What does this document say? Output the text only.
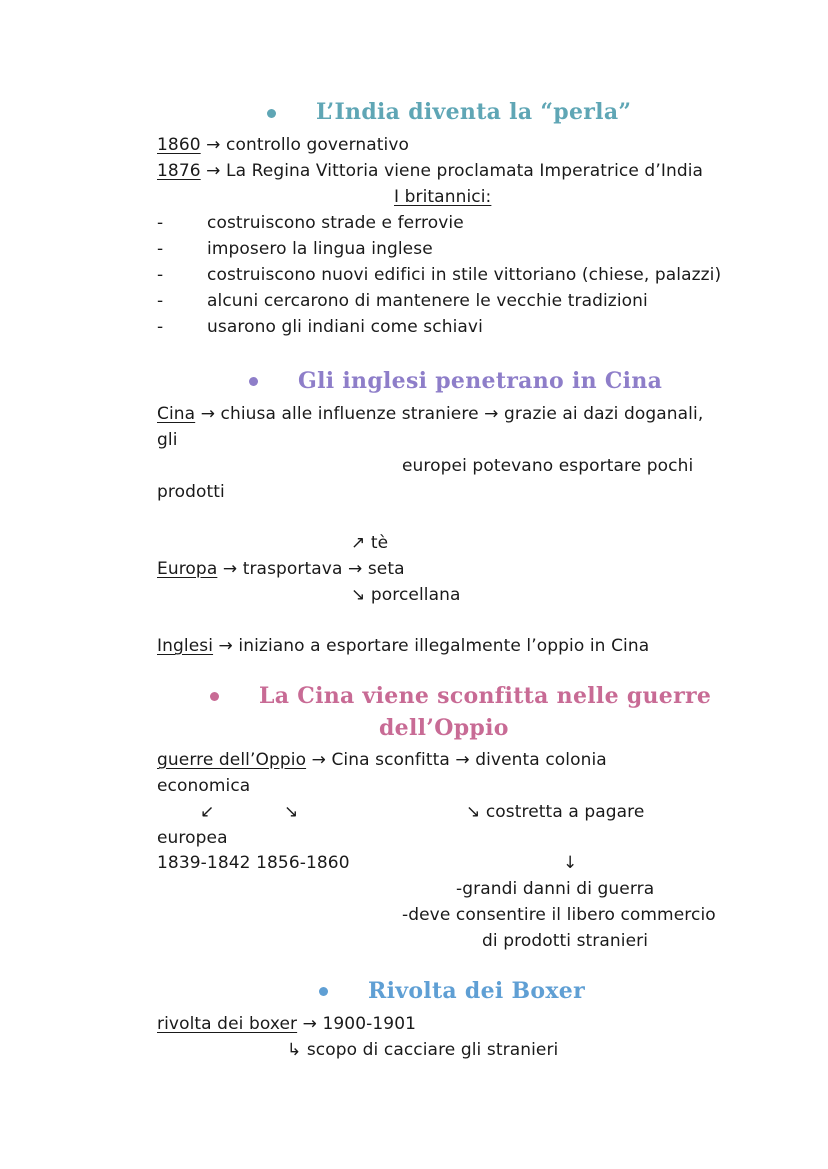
L’India diventa la “perla”
1860 → controllo governativo
1876 → La Regina Vittoria viene proclamata Imperatrice d’India
I britannici:
-	costruiscono strade e ferrovie
-	imposero la lingua inglese
-	costruiscono nuovi edifici in stile vittoriano (chiese, palazzi)
-	alcuni cercarono di mantenere le vecchie tradizioni
-	usarono gli indiani come schiavi
Gli inglesi penetrano in Cina
Cina → chiusa alle influenze straniere → grazie ai dazi doganali,
gli
europei potevano esportare pochi
prodotti
↗ tè
Europa → trasportava → seta
↘ porcellana
Inglesi → iniziano a esportare illegalmente l’oppio in Cina
La Cina viene sconfitta nelle guerre
dell’Oppio
guerre dell’Oppio → Cina sconfitta → diventa colonia
economica
↙	↘	↘ costretta a pagare
europea
1839-1842 1856-1860	↓
-grandi danni di guerra
-deve consentire il libero commercio
di prodotti stranieri
Rivolta dei Boxer
rivolta dei boxer → 1900-1901
↳ scopo di cacciare gli stranieri
